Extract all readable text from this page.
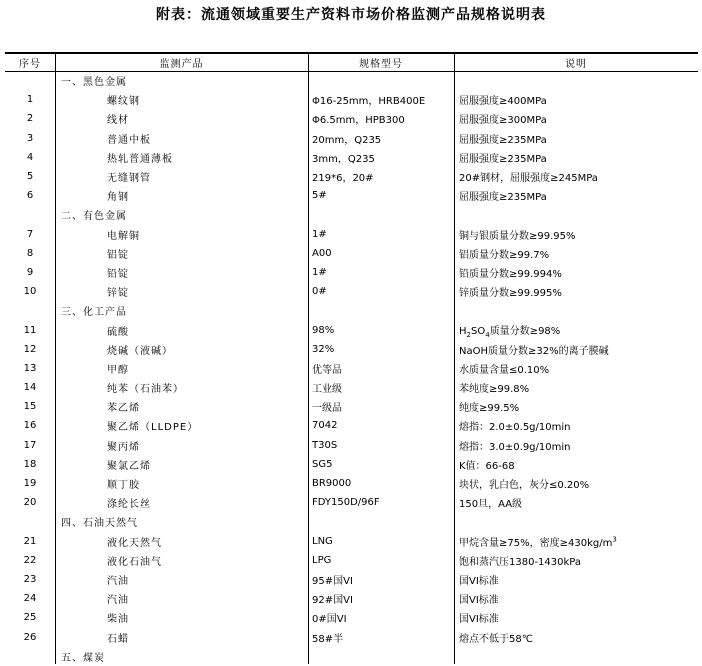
附表：流通领域重要生产资料市场价格监测产品规格说明表
序号	监测产品	规格型号	说明
	一、黑色金属		
1	螺纹钢	Φ16-25mm，HRB400E	屈服强度≥400MPa
2	线材	Φ6.5mm，HPB300	屈服强度≥300MPa
3	普通中板	20mm，Q235	屈服强度≥235MPa
4	热轧普通薄板	3mm，Q235	屈服强度≥235MPa
5	无缝钢管	219*6，20#	20#钢材，屈服强度≥245MPa
6	角钢	5#	屈服强度≥235MPa
	二、有色金属		
7	电解铜	1#	铜与银质量分数≥99.95%
8	铝锭	A00	铝质量分数≥99.7%
9	铅锭	1#	铅质量分数≥99.994%
10	锌锭	0#	锌质量分数≥99.995%
	三、化工产品		
11	硫酸	98%	$H_2SO_4$质量分数≥98%
12	烧碱（液碱）	32%	NaOH质量分数≥32%的离子膜碱
13	甲醇	优等品	水质量含量≤0.10%
14	纯苯（石油苯）	工业级	苯纯度≥99.8%
15	苯乙烯	一级品	纯度≥99.5%
16	聚乙烯（LLDPE）	7042	熔指：2.0±0.5g/10min
17	聚丙烯	T30S	熔指：3.0±0.9g/10min
18	聚氯乙烯	SG5	K值：66-68
19	顺丁胶	BR9000	块状，乳白色，灰分≤0.20%
20	涤纶长丝	FDY150D/96F	150旦，AA级
	四、石油天然气		
21	液化天然气	LNG	甲烷含量≥75%，密度$\ge 430kg/m^3$
22	液化石油气	LPG	饱和蒸汽压1380-1430kPa
23	汽油	95#国VI	国VI标准
24	汽油	92#国VI	国VI标准
25	柴油	0#国VI	国VI标准
26	石蜡	58#半	熔点不低于58℃
	五、煤炭		
